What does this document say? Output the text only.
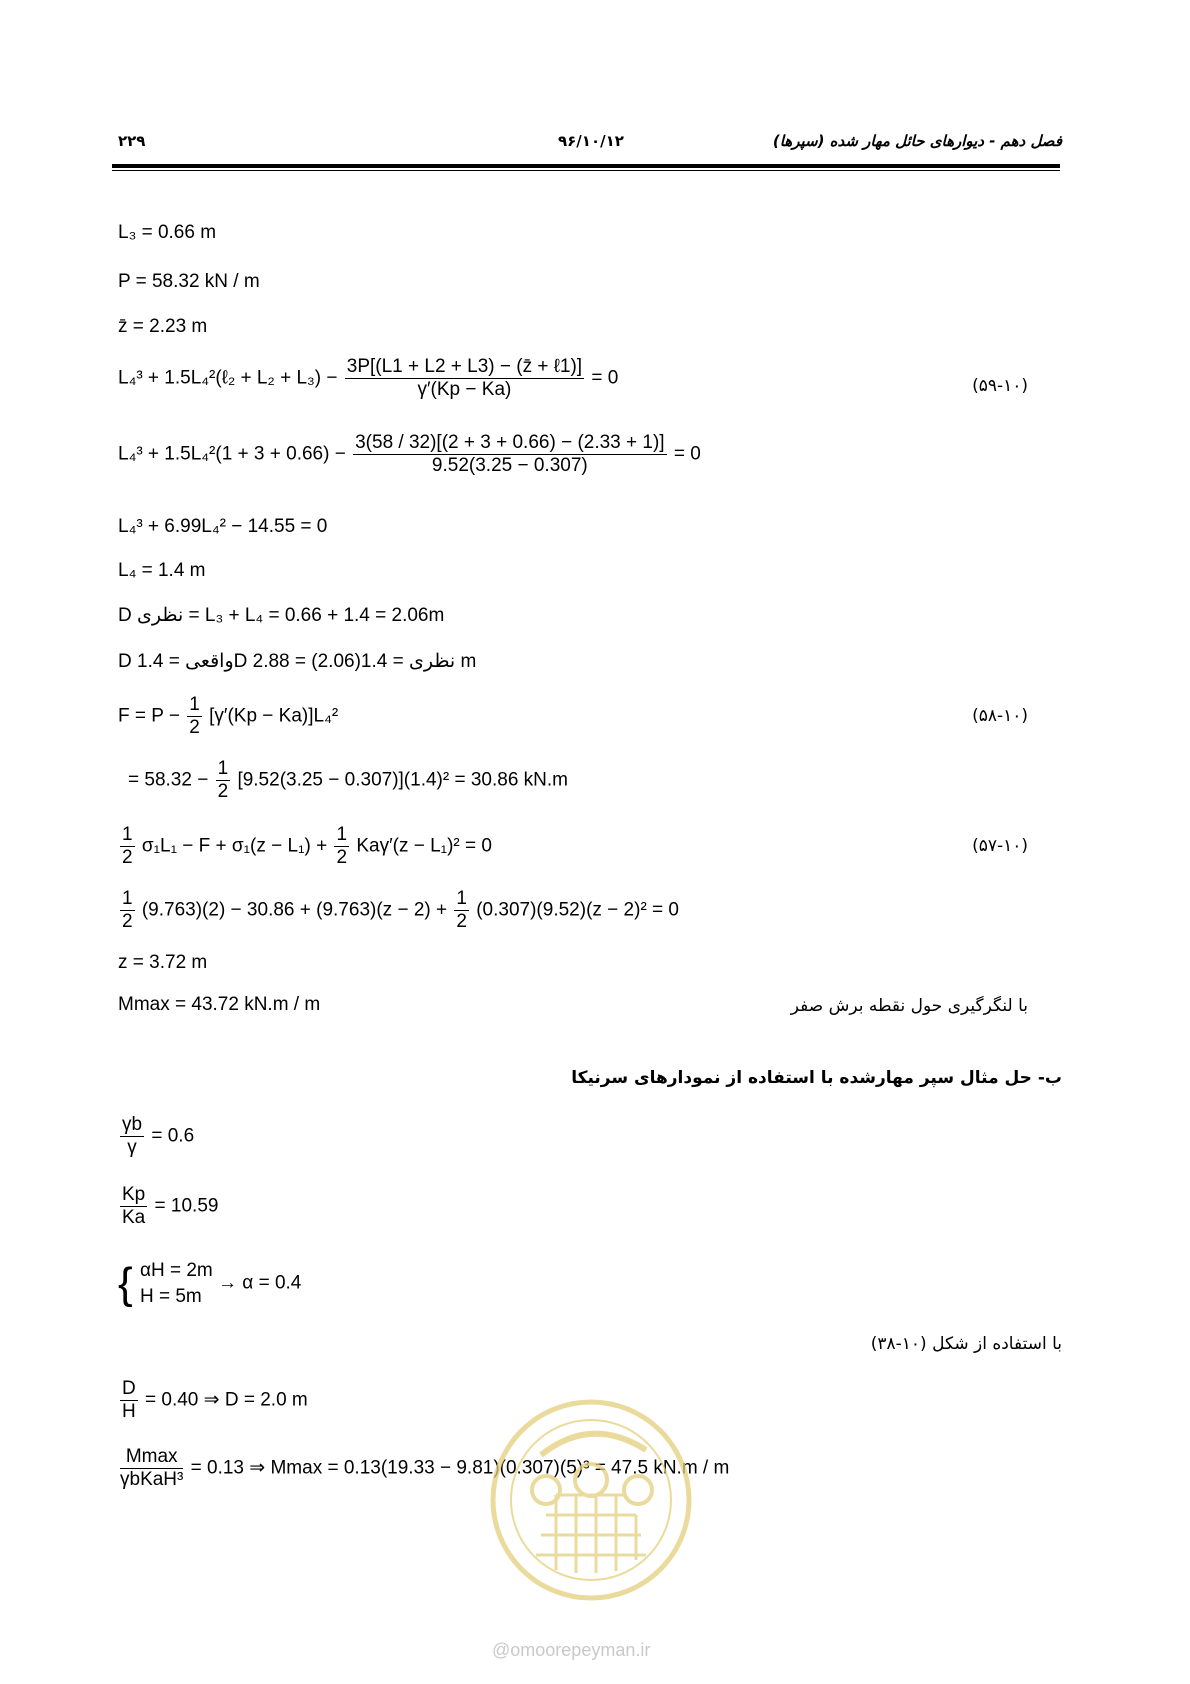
فصل دهم - دیوارهای حائل مهار شده (سپرها)
۹۶/۱۰/۱۲
۲۲۹
L₃ = 0.66 m
P = 58.32 kN / m
z̄ = 2.23 m
L₄³ + 1.5L₄²(ℓ₂ + $L_2 + L_3) - \frac{\text{3P[(L1 + L2 + L3) − (z̄ + ℓ1)]}}{\gamma'(Kp - Ka)} = 0$	(۵۹-۱۰)
$L_4^3 + 1.5L_4^2(1 + 3 + 0.66) - \frac{3(58 / 32)[(2 + 3 + 0.66) - (2.33 + 1)]}{9.52(3.25 - 0.307)} = 0$
L₄³ + 6.99L₄² − 14.55 = 0
L₄ = 1.4 m
D نظری = L₃ + L₄ = 0.66 + 1.4 = 2.06m
D واقعی = 1.4D نظری = 1.4(2.06) = 2.88 m
$F = P - \frac{1}{2} [\gamma'(Kp - Ka)]L_4^2$	(۵۸-۱۰)
= $58.32 - \frac{1}{2} [9.52(3.25 - 0.307)](1.4)^2 = 30.86$ kN.m
$\frac{1}{2} \sigma_1L_1 - F + \sigma_1(z - L_1) + \frac{1}{2} Ka\gamma'(z - L_1)^2 = 0$	(۵۷-۱۰)
$\frac{1}{2} (9.763)(2) - 30.86 + (9.763)(z - 2) + \frac{1}{2} (0.307)(9.52)(z - 2)^2 = 0$
z = 3.72 m
Mmax = 43.72 kN.m / m	با لنگرگیری حول نقطه برش صفر
ب- حل مثال سپر مهارشده با استفاده از نمودارهای سرنیکا
$\frac{\gamma b}{\gamma} = 0.6$
$\frac{Kp}{Ka} = 10.59$
{ αH = 2m
H = 5m
→ α = 0.4
با استفاده از شکل (۱۰-۳۸)
$\frac{D}{H} = 0.40$ ⇒ D = 2.0 m
$\frac{Mmax}{\text{γbKaH³}} = 0.13$ ⇒ Mmax = 0.13(19.33 − 9.81)(0.307)(5)³ = 47.5 kN.m / m
@omoorepeyman.ir
